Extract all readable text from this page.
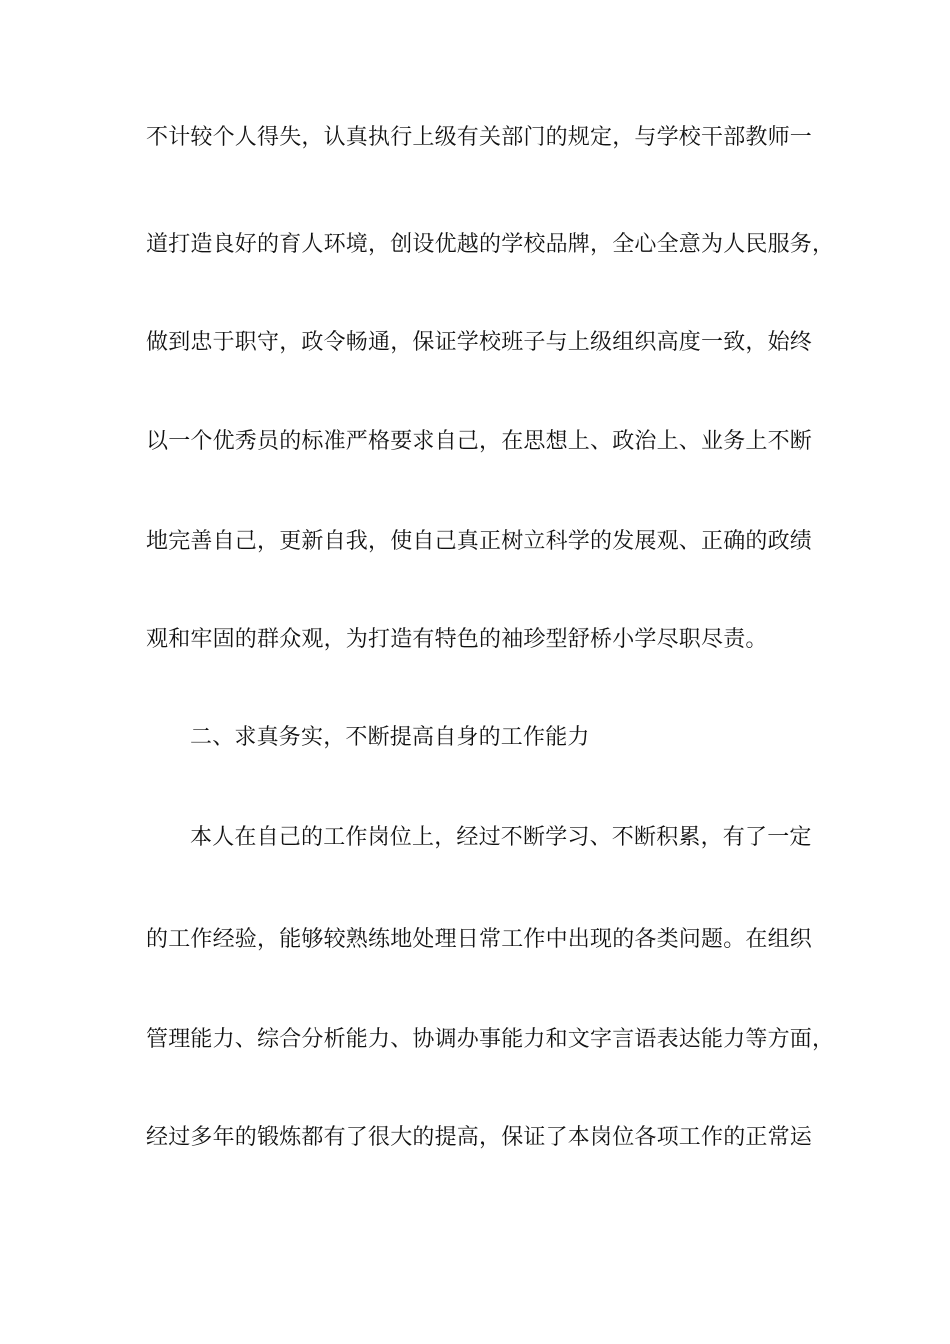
不计较个人得失，认真执行上级有关部门的规定，与学校干部教师一
道打造良好的育人环境，创设优越的学校品牌，全心全意为人民服务，
做到忠于职守，政令畅通，保证学校班子与上级组织高度一致，始终
以一个优秀员的标准严格要求自己，在思想上、政治上、业务上不断
地完善自己，更新自我，使自己真正树立科学的发展观、正确的政绩
观和牢固的群众观，为打造有特色的袖珍型舒桥小学尽职尽责。
二、求真务实，不断提高自身的工作能力
本人在自己的工作岗位上，经过不断学习、不断积累，有了一定
的工作经验，能够较熟练地处理日常工作中出现的各类问题。在组织
管理能力、综合分析能力、协调办事能力和文字言语表达能力等方面，
经过多年的锻炼都有了很大的提高，保证了本岗位各项工作的正常运
